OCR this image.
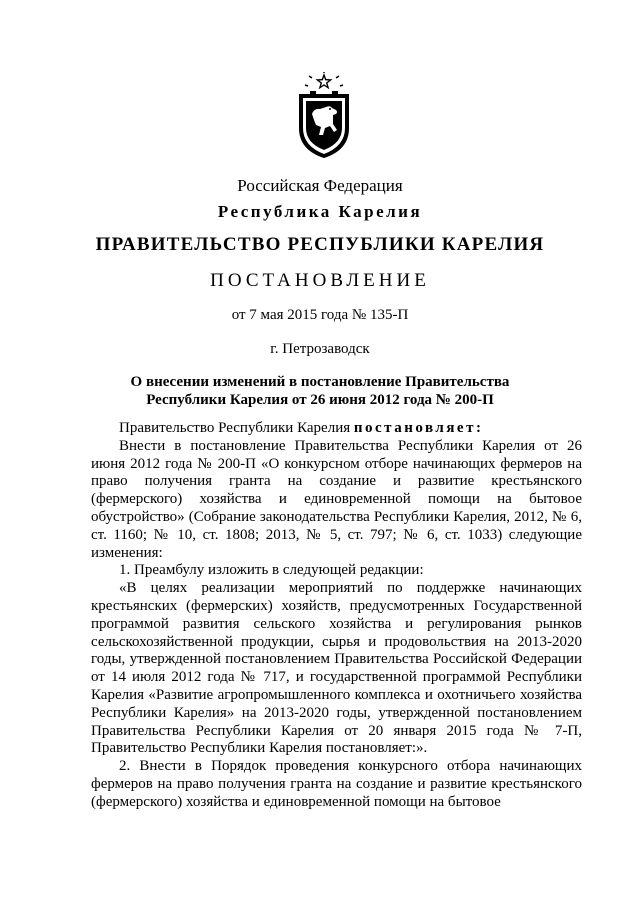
Российская Федерация
Республика Карелия
ПРАВИТЕЛЬСТВО РЕСПУБЛИКИ КАРЕЛИЯ
ПОСТАНОВЛЕНИЕ
от 7 мая 2015 года № 135-П
г. Петрозаводск
О внесении изменений в постановление Правительства
Республики Карелия от 26 июня 2012 года № 200-П

Правительство Республики Карелия постановляет:

Внести в постановление Правительства Республики Карелия от 26 июня 2012 года № 200-П «О конкурсном отборе начинающих фермеров на право получения гранта на создание и развитие крестьянского (фермерского) хозяйства и единовременной помощи на бытовое обустройство» (Собрание законодательства Республики Карелия, 2012, № 6, ст. 1160; № 10, ст. 1808; 2013, № 5, ст. 797; № 6, ст. 1033) следующие изменения:

1. Преамбулу изложить в следующей редакции:

«В целях реализации мероприятий по поддержке начинающих крестьянских (фермерских) хозяйств, предусмотренных Государственной программой развития сельского хозяйства и регулирования рынков сельскохозяйственной продукции, сырья и продовольствия на 2013-2020 годы, утвержденной постановлением Правительства Российской Федерации от 14 июля 2012 года № 717, и государственной программой Республики Карелия «Развитие агропромышленного комплекса и охотничьего хозяйства Республики Карелия» на 2013-2020 годы, утвержденной постановлением Правительства Республики Карелия от 20 января 2015 года № 7-П, Правительство Республики Карелия постановляет:».

2. Внести в Порядок проведения конкурсного отбора начинающих фермеров на право получения гранта на создание и развитие крестьянского (фермерского) хозяйства и единовременной помощи на бытовое
